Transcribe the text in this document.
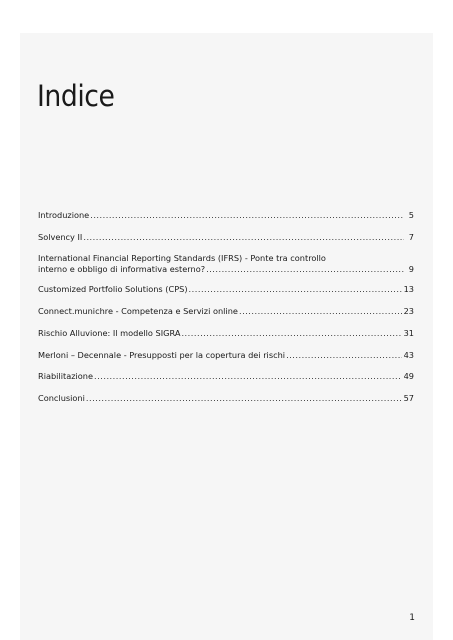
Indice
Introduzione .....	5
Solvency II .....	7
International Financial Reporting Standards (IFRS) - Ponte tra controllo
interno e obbligo di informativa esterno? .....	9
Customized Portfolio Solutions (CPS) .....	13
Connect.munichre - Competenza e Servizi online .....	23
Rischio Alluvione: Il modello SIGRA .....	31
Merloni – Decennale - Presupposti per la copertura dei rischi .....	43
Riabilitazione .....	49
Conclusioni .....	57
1
